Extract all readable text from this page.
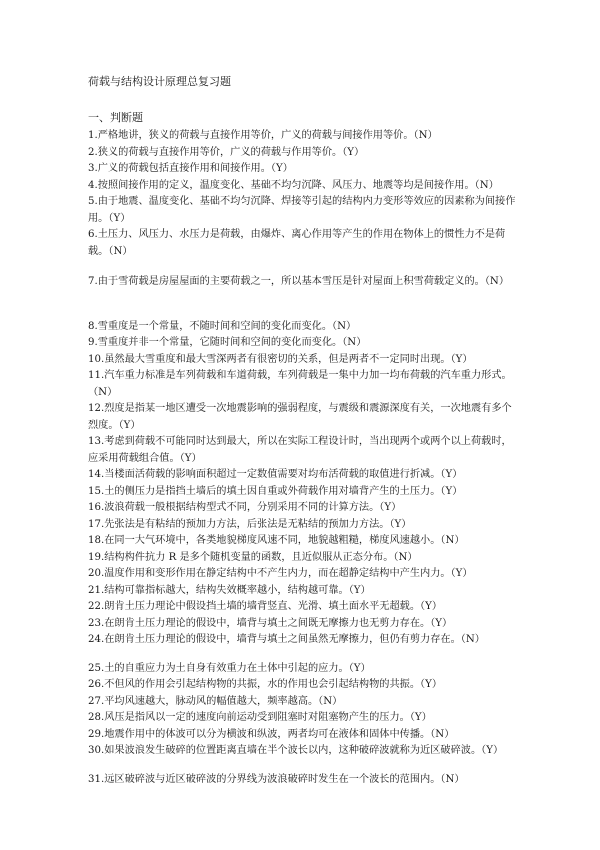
荷载与结构设计原理总复习题
一、判断题

1.严格地讲，狭义的荷载与直接作用等价，广义的荷载与间接作用等价。（N）

2.狭义的荷载与直接作用等价，广义的荷载与作用等价。（Y）

3.广义的荷载包括直接作用和间接作用。（Y）

4.按照间接作用的定义，温度变化、基础不均匀沉降、风压力、地震等均是间接作用。（N）

5.由于地震、温度变化、基础不均匀沉降、焊接等引起的结构内力变形等效应的因素称为间接作用。（Y）

6.土压力、风压力、水压力是荷载，由爆炸、离心作用等产生的作用在物体上的惯性力不是荷载。（N）

7.由于雪荷载是房屋屋面的主要荷载之一，所以基本雪压是针对屋面上积雪荷载定义的。（N）

8.雪重度是一个常量，不随时间和空间的变化而变化。（N）

9.雪重度并非一个常量，它随时间和空间的变化而变化。（N）

10.虽然最大雪重度和最大雪深两者有很密切的关系，但是两者不一定同时出现。（Y）

11.汽车重力标准是车列荷载和车道荷载，车列荷载是一集中力加一均布荷载的汽车重力形式。（N）

12.烈度是指某一地区遭受一次地震影响的强弱程度，与震级和震源深度有关，一次地震有多个烈度。（Y）

13.考虑到荷载不可能同时达到最大，所以在实际工程设计时，当出现两个或两个以上荷载时，应采用荷载组合值。（Y）

14.当楼面活荷载的影响面积超过一定数值需要对均布活荷载的取值进行折减。（Y）

15.土的侧压力是指挡土墙后的填土因自重或外荷载作用对墙背产生的土压力。（Y）

16.波浪荷载一般根据结构型式不同，分别采用不同的计算方法。（Y）

17.先张法是有粘结的预加力方法，后张法是无粘结的预加力方法。（Y）

18.在同一大气环境中，各类地貌梯度风速不同，地貌越粗糙，梯度风速越小。（N）

19.结构构件抗力 R 是多个随机变量的函数，且近似服从正态分布。（N）

20.温度作用和变形作用在静定结构中不产生内力，而在超静定结构中产生内力。（Y）

21.结构可靠指标越大，结构失效概率越小，结构越可靠。（Y）

22.朗肯土压力理论中假设挡土墙的墙背竖直、光滑、填土面水平无超载。（Y）

23.在朗肯土压力理论的假设中，墙背与填土之间既无摩擦力也无剪力存在。（Y）

24.在朗肯土压力理论的假设中，墙背与填土之间虽然无摩擦力，但仍有剪力存在。（N）

25.土的自重应力为土自身有效重力在土体中引起的应力。（Y）

26.不但风的作用会引起结构物的共振，水的作用也会引起结构物的共振。（Y）

27.平均风速越大，脉动风的幅值越大，频率越高。（N）

28.风压是指风以一定的速度向前运动受到阻塞时对阻塞物产生的压力。（Y）

29.地震作用中的体波可以分为横波和纵波，两者均可在液体和固体中传播。（N）

30.如果波浪发生破碎的位置距离直墙在半个波长以内，这种破碎波就称为近区破碎波。（Y）

31.远区破碎波与近区破碎波的分界线为波浪破碎时发生在一个波长的范围内。（N）
